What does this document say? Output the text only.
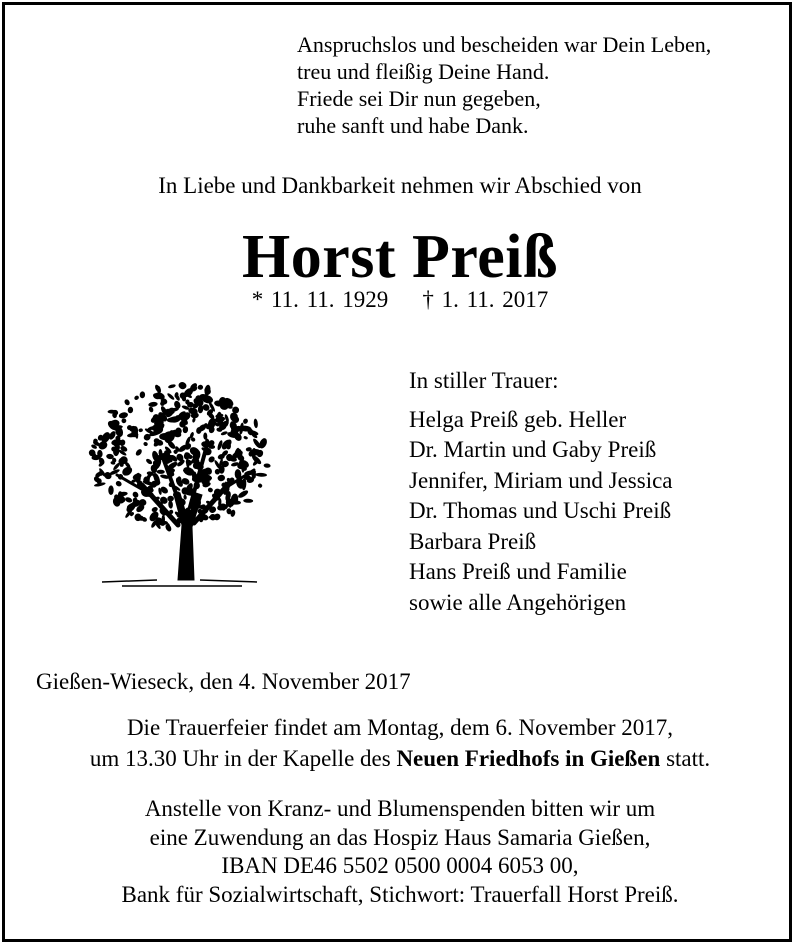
Anspruchslos und bescheiden war Dein Leben,
treu und fleißig Deine Hand.
Friede sei Dir nun gegeben,
ruhe sanft und habe Dank.
In Liebe und Dankbarkeit nehmen wir Abschied von
Horst Preiß
* 11. 11. 1929 † 1. 11. 2017
In stiller Trauer:
Helga Preiß geb. Heller
Dr. Martin und Gaby Preiß
Jennifer, Miriam und Jessica
Dr. Thomas und Uschi Preiß
Barbara Preiß
Hans Preiß und Familie
sowie alle Angehörigen
Gießen-Wieseck, den 4. November 2017
Die Trauerfeier findet am Montag, dem 6. November 2017,
um 13.30 Uhr in der Kapelle des Neuen Friedhofs in Gießen statt.
Anstelle von Kranz- und Blumenspenden bitten wir um
eine Zuwendung an das Hospiz Haus Samaria Gießen,
IBAN DE46 5502 0500 0004 6053 00,
Bank für Sozialwirtschaft, Stichwort: Trauerfall Horst Preiß.
